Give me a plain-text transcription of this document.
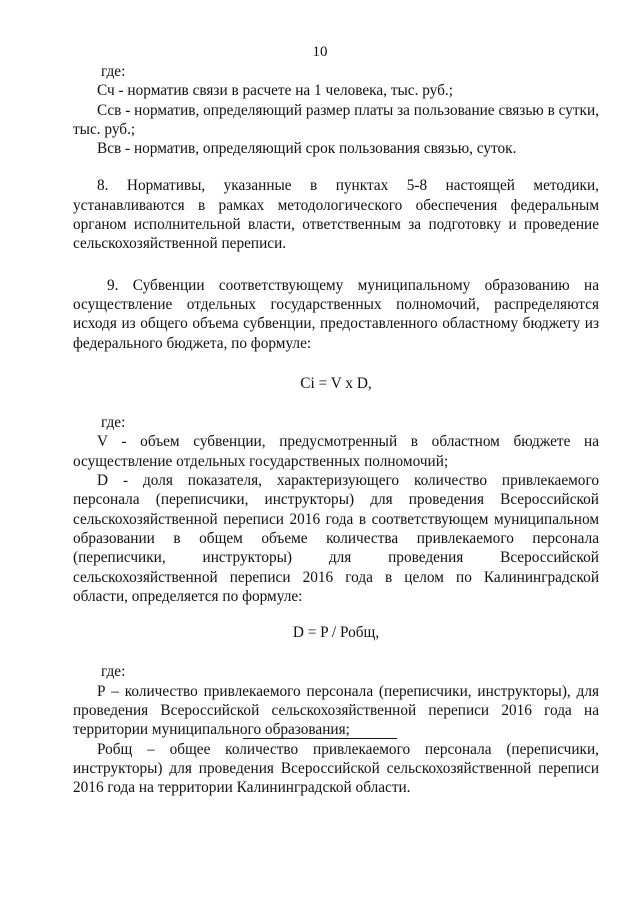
10

где:

Сч - норматив связи в расчете на 1 человека, тыс. руб.;

Ссв - норматив, определяющий размер платы за пользование связью в сутки, тыс. руб.;

Всв - норматив, определяющий срок пользования связью, суток.

8. Нормативы, указанные в пунктах 5-8 настоящей методики, устанавливаются в рамках методологического обеспечения федеральным органом исполнительной власти, ответственным за подготовку и проведение сельскохозяйственной переписи.

9. Субвенции соответствующему муниципальному образованию на осуществление отдельных государственных полномочий, распределяются исходя из общего объема субвенции, предоставленного областному бюджету из федерального бюджета, по формуле:

Ci = V x D,

где:

V - объем субвенции, предусмотренный в областном бюджете на осуществление отдельных государственных полномочий;

D - доля показателя, характеризующего количество привлекаемого персонала (переписчики, инструкторы) для проведения Всероссийской сельскохозяйственной переписи 2016 года в соответствующем муниципальном образовании в общем объеме количества привлекаемого персонала (переписчики, инструкторы) для проведения Всероссийской сельскохозяйственной переписи 2016 года в целом по Калининградской области, определяется по формуле:

D = P / Робщ,

где:

Р – количество привлекаемого персонала (переписчики, инструкторы), для проведения Всероссийской сельскохозяйственной переписи 2016 года на территории муниципального образования;

Робщ – общее количество привлекаемого персонала (переписчики, инструкторы) для проведения Всероссийской сельскохозяйственной переписи 2016 года на территории Калининградской области.
